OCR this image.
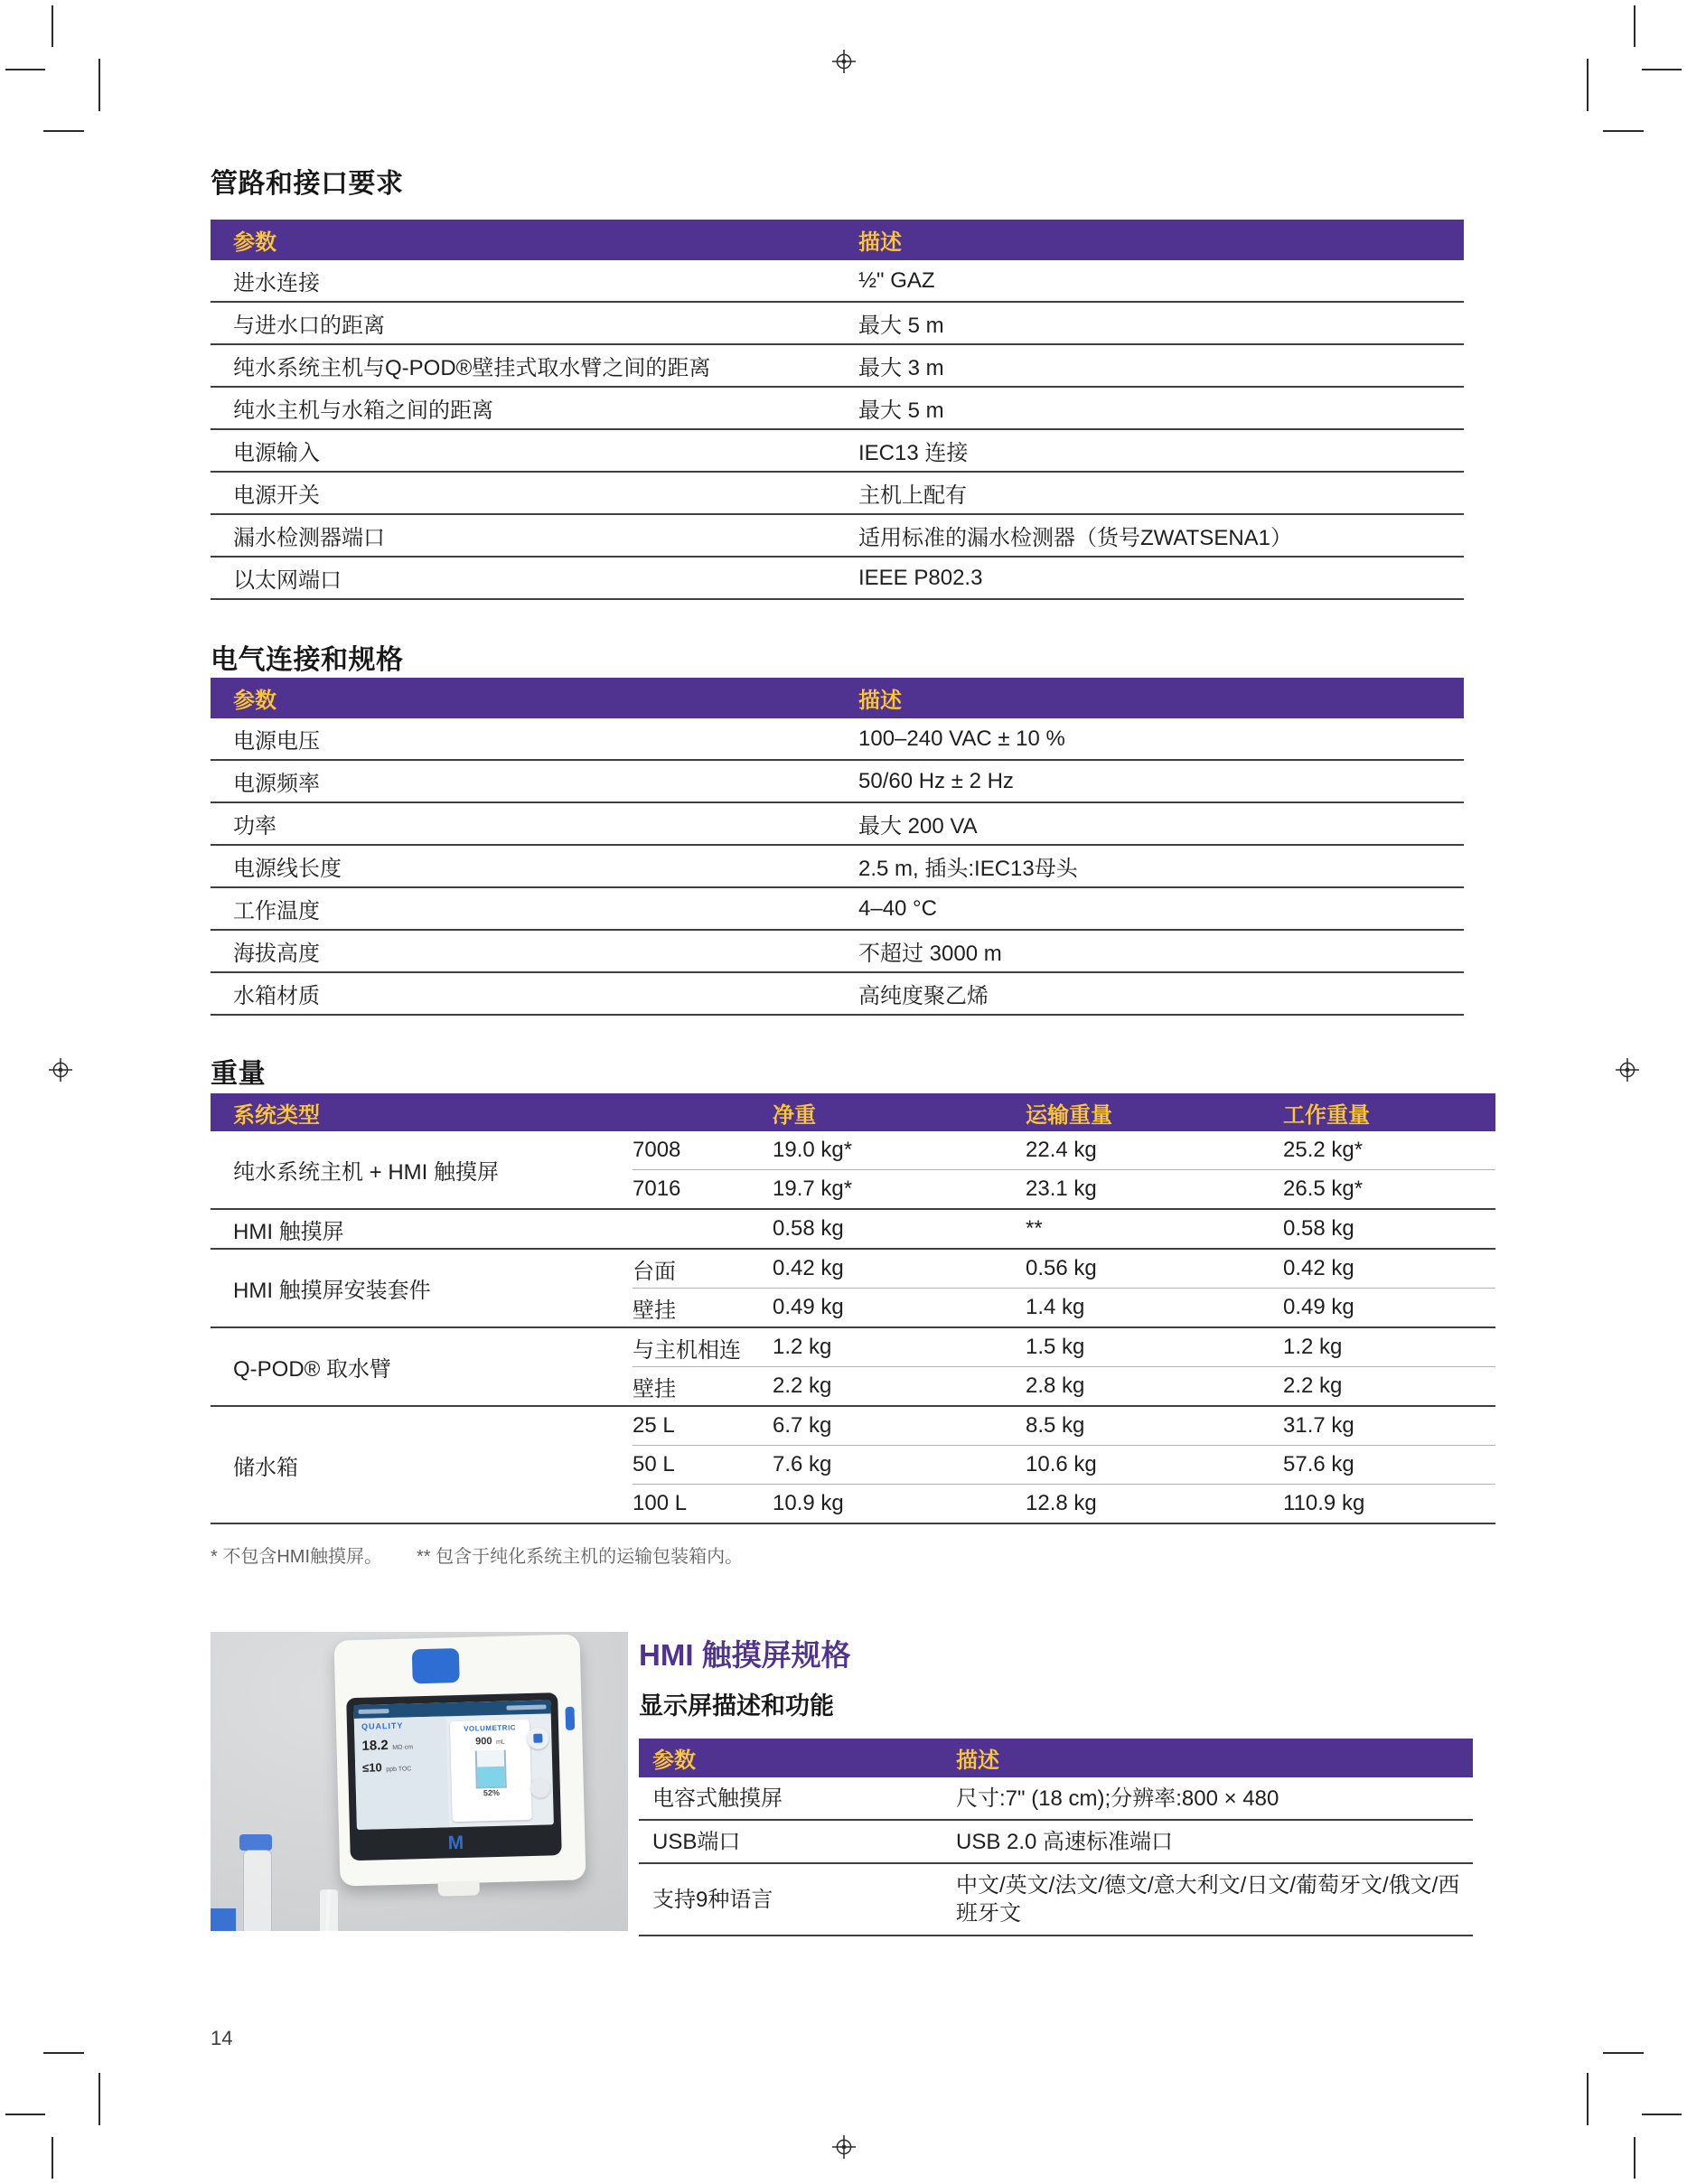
管路和接口要求
参数	描述
进水连接	½" GAZ
与进水口的距离	最大 5 m
纯水系统主机与Q-POD®壁挂式取水臂之间的距离	最大 3 m
纯水主机与水箱之间的距离	最大 5 m
电源输入	IEC13 连接
电源开关	主机上配有
漏水检测器端口	适用标准的漏水检测器（货号ZWATSENA1）
以太网端口	IEEE P802.3
电气连接和规格
参数	描述
电源电压	100–240 VAC ± 10 %
电源频率	50/60 Hz ± 2 Hz
功率	最大 200 VA
电源线长度	2.5 m, 插头:IEC13母头
工作温度	4–40 °C
海拔高度	不超过 3000 m
水箱材质	高纯度聚乙烯
重量
系统类型		净重	运输重量	工作重量
纯水系统主机 + HMI 触摸屏	7008	19.0 kg*	22.4 kg	25.2 kg*
	7016	19.7 kg*	23.1 kg	26.5 kg*
HMI 触摸屏		0.58 kg	**	0.58 kg
HMI 触摸屏安装套件	台面	0.42 kg	0.56 kg	0.42 kg
	壁挂	0.49 kg	1.4 kg	0.49 kg
Q-POD® 取水臂	与主机相连	1.2 kg	1.5 kg	1.2 kg
	壁挂	2.2 kg	2.8 kg	2.2 kg
储水箱	25 L	6.7 kg	8.5 kg	31.7 kg
	50 L	7.6 kg	10.6 kg	57.6 kg
	100 L	10.9 kg	12.8 kg	110.9 kg
* 不包含HMI触摸屏。 ** 包含于纯化系统主机的运输包装箱内。
QUALITY
18.2 MΩ·cm
≤10 ppb TOC
VOLUMETRIC
900 mL
52%
M
HMI 触摸屏规格
显示屏描述和功能
参数	描述
电容式触摸屏	尺寸:7" (18 cm);分辨率:800 × 480
USB端口	USB 2.0 高速标准端口
支持9种语言	中文/英文/法文/德文/意大利文/日文/葡萄牙文/俄文/西班牙文
14
